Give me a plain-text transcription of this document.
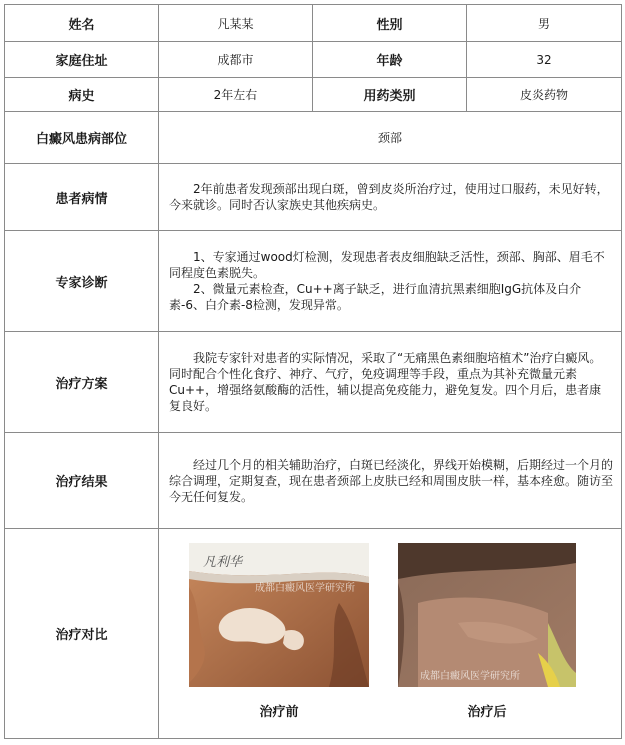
姓名	凡某某	性别	男
家庭住址	成都市	年龄	32
病史	2年左右	用药类别	皮炎药物
白癜风患病部位	颈部		
患者病情	2年前患者发现颈部出现白斑，曾到皮炎所治疗过，使用过口服药，未见好转，今来就诊。同时否认家族史其他疾病史。		

专家诊断	1、专家通过wood灯检测，发现患者表皮细胞缺乏活性，颈部、胸部、眉毛不同程度色素脱失。

2、微量元素检查，Cu++离子缺乏，进行血清抗黑素细胞IgG抗体及白介素-6、白介素-8检测，发现异常。		

治疗方案	我院专家针对患者的实际情况，采取了“无痛黑色素细胞培植术”治疗白癜风。同时配合个性化食疗、神疗、气疗，免疫调理等手段，重点为其补充微量元素Cu++，增强络氨酸酶的活性，辅以提高免疫能力，避免复发。四个月后，患者康复良好。		

治疗结果	经过几个月的相关辅助治疗，白斑已经淡化，界线开始模糊，后期经过一个月的综合调理，定期复查，现在患者颈部上皮肤已经和周围皮肤一样，基本痊愈。随访至今无任何复发。		

治疗对比	凡利华
成都白癜风医学研究所
治疗前
成都白癜风医学研究所
治疗后		
